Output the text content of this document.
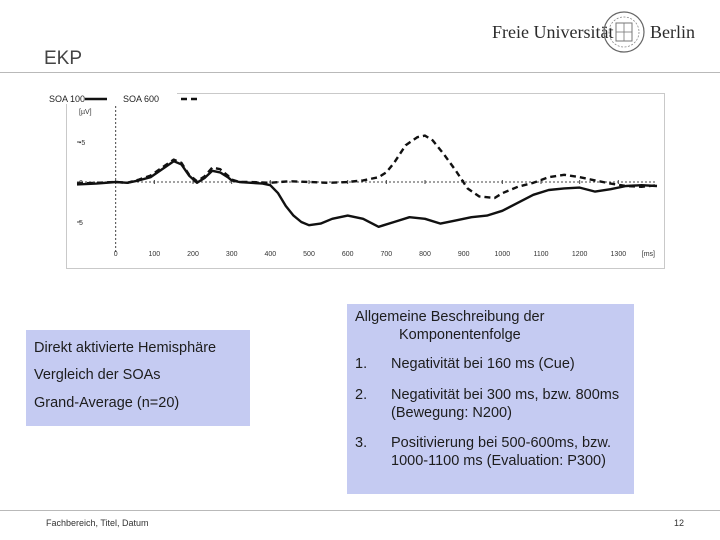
EKP
Freie Universität Berlin
-5
0
5
[µV]
0	100	200	300	400	500	600	700	800	900	1000	1100	1200	1300 [ms]
SOA 100	SOA 600
Direkt aktivierte Hemisphäre
Vergleich der SOAs
Grand-Average (n=20)
Allgemeine Beschreibung der
Komponentenfolge
1. Negativität bei 160 ms (Cue)
2. Negativität bei 300 ms, bzw. 800ms (Bewegung: N200)
3. Positivierung bei 500-600ms, bzw. 1000-1100 ms (Evaluation: P300)
Fachbereich, Titel, Datum	12
